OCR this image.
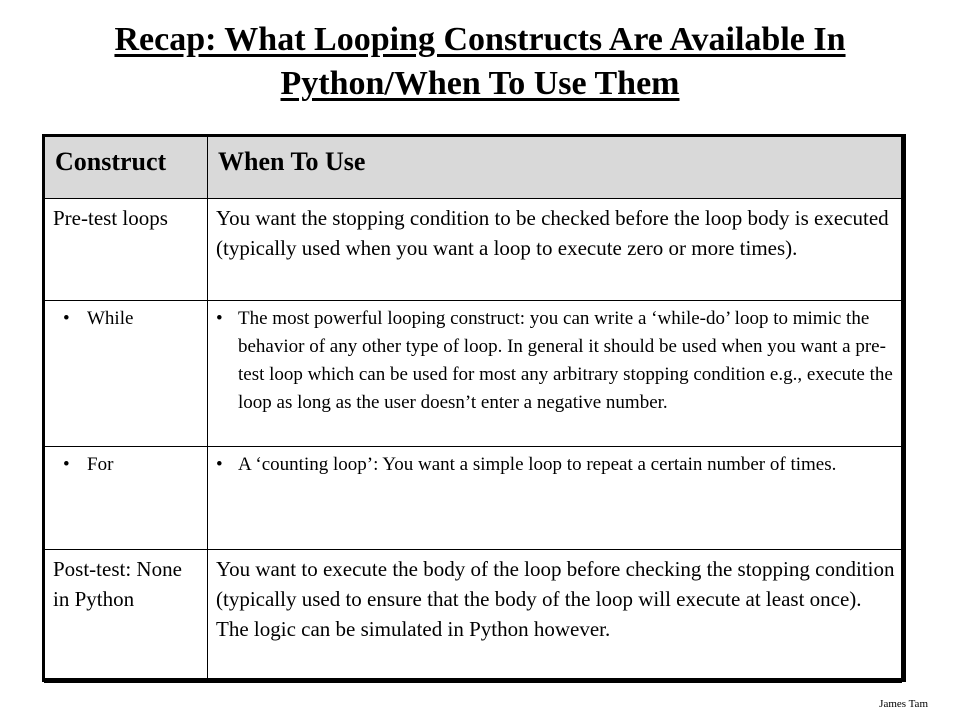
Recap: What Looping Constructs Are Available In
Python/When To Use Them
Construct	When To Use
Pre-test loops	You want the stopping condition to be checked before the loop body is executed (typically used when you want a loop to execute zero or more times).

• While	• The most powerful looping construct: you can write a ‘while-do’ loop to mimic the behavior of any other type of loop. In general it should be used when you want a pre-test loop which can be used for most any arbitrary stopping condition e.g., execute the loop as long as the user doesn’t enter a negative number.

• For	• A ‘counting loop’: You want a simple loop to repeat a certain number of times.

Post-test: None in Python	You want to execute the body of the loop before checking the stopping condition (typically used to ensure that the body of the loop will execute at least once). The logic can be simulated in Python however.
James Tam
